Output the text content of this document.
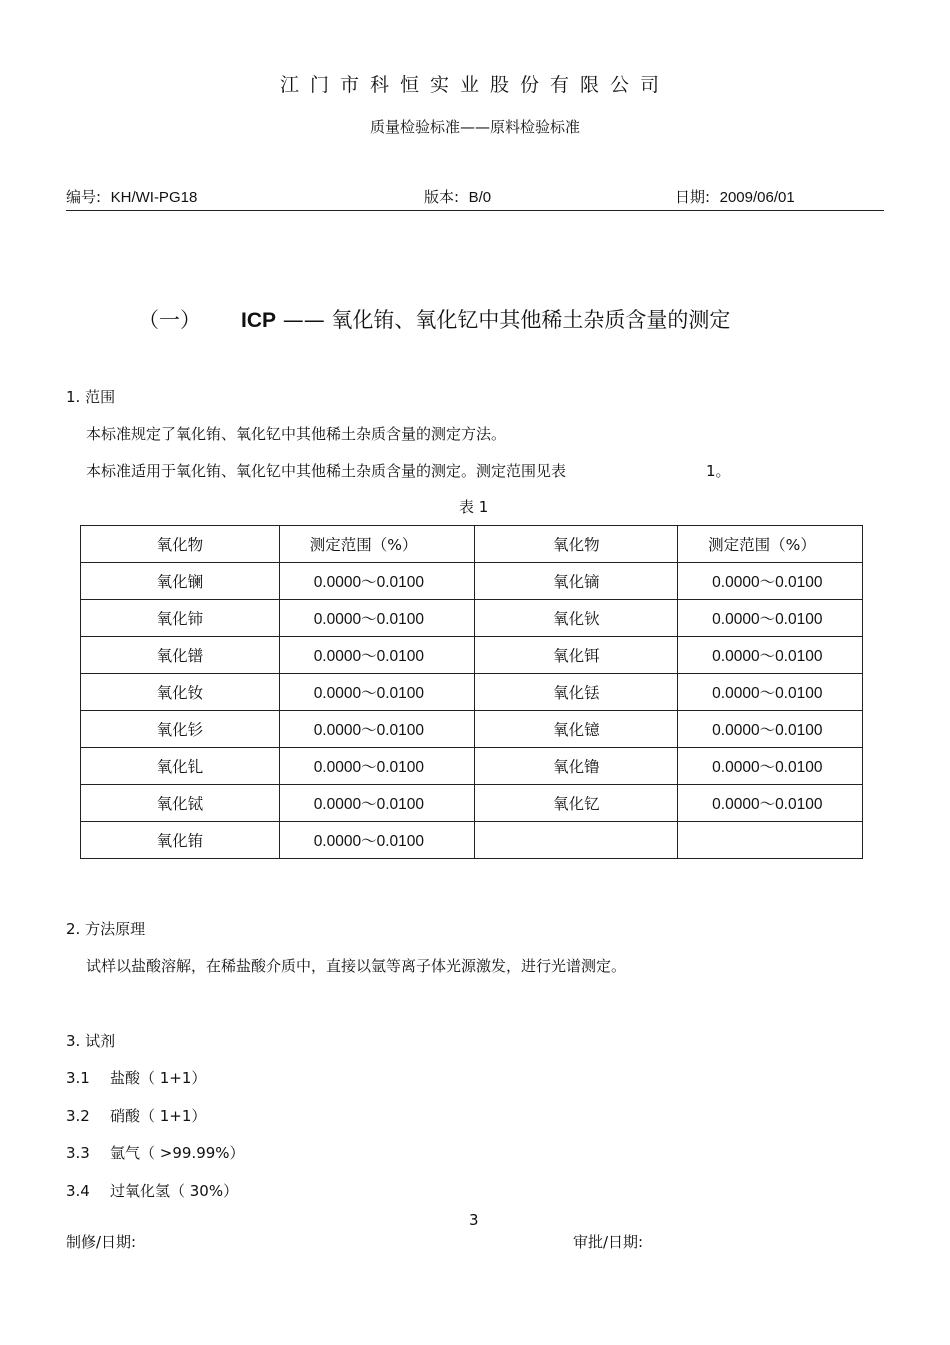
江门市科恒实业股份有限公司
质量检验标准——原料检验标准
编号: KH/WI-PG18	版本: B/0	日期: 2009/06/01
（一） ICP —— 氧化铕、氧化钇中其他稀土杂质含量的测定
1. 范围
本标准规定了氧化铕、氧化钇中其他稀土杂质含量的测定方法。
本标准适用于氧化铕、氧化钇中其他稀土杂质含量的测定。测定范围见表	1。
表 1
氧化物	测定范围（%）	氧化物	测定范围（%）
氧化镧	0.0000～0.0100	氧化镝	0.0000～0.0100
氧化铈	0.0000～0.0100	氧化钬	0.0000～0.0100
氧化镨	0.0000～0.0100	氧化铒	0.0000～0.0100
氧化钕	0.0000～0.0100	氧化铥	0.0000～0.0100
氧化钐	0.0000～0.0100	氧化镱	0.0000～0.0100
氧化钆	0.0000～0.0100	氧化镥	0.0000～0.0100
氧化铽	0.0000～0.0100	氧化钇	0.0000～0.0100
氧化铕	0.0000～0.0100		
2. 方法原理
试样以盐酸溶解，在稀盐酸介质中，直接以氩等离子体光源激发，进行光谱测定。
3. 试剂
3.1 盐酸（ 1+1）
3.2 硝酸（ 1+1）
3.3 氩气（ >99.99%）
3.4 过氧化氢（ 30%）
3
制修/日期:	审批/日期:
